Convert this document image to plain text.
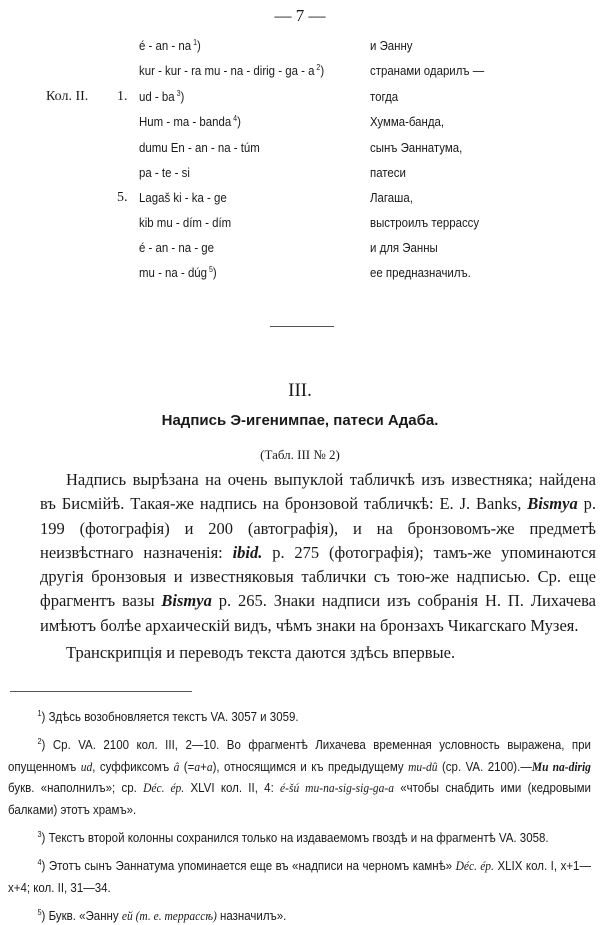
— 7 —
é - an - na $^1$)	и Эанну
kur - kur - ra mu - na - dirig - ga - a $^2$)	странами одарилъ —
Кол. II. 1. ud - ba $^3$)	тогда
Hum - ma - banda $^4$)	Хумма-банда,
dumu En - an - na - túm	сынъ Эаннатума,
pa - te - si	патеси
5. Lagaš ki - ka - ge	Лагаша,
kib mu - dím - dím	выстроилъ террассу
é - an - na - ge	и для Эанны
mu - na - dúg $^5$)	ее предназначилъ.
III.
Надпись Э-игенимпае, патеси Адаба.
(Табл. III № 2)

Надпись вырѣзана на очень выпуклой табличкѣ изъ известняка; найдена въ Бисмiйѣ. Такая-же надпись на бронзовой табличкѣ: E. J. Banks, Bismya p. 199 (фотографія) и 200 (автографія), и на бронзовомъ-же предметѣ неизвѣстнаго назначенія: ibid. p. 275 (фотографія); тамъ-же упоминаются другія бронзовыя и известняковыя таблички съ тою-же надписью. Ср. еще фрагментъ вазы Bismya p. 265. Знаки надписи изъ собранія Н. П. Лихачева имѣютъ болѣе архаическій видъ, чѣмъ знаки на бронзахъ Чикагскаго Музея.

Транскрипція и переводъ текста даются здѣсь впервые.

$^1$) Здѣсь возобновляется текстъ VA. 3057 и 3059.

$^2$) Ср. VA. 2100 кол. III, 2—10. Во фрагментѣ Лихачева временная условность выражена, при опущенномъ ud, суффиксомъ â (=a+a), относящимся и къ предыдущему mu-dû (ср. VA. 2100).—Mu na-dirig букв. «наполнилъ»; ср. Déc. ép. XLVI кол. II, 4: é-šú mu-na-sig-sig-ga-a «чтобы снабдить ими (кедровыми балками) этотъ храмъ».

$^3$) Текстъ второй колонны сохранился только на издаваемомъ гвоздѣ и на фрагментѣ VA. 3058.

$^4$) Этотъ сынъ Эаннатума упоминается еще въ «надписи на черномъ камнѣ» Déc. ép. XLIX кол. I, x+1—x+4; кол. II, 31—34.

$^5$) Букв. «Эанну ей (т. е. террассѣ) назначилъ».
